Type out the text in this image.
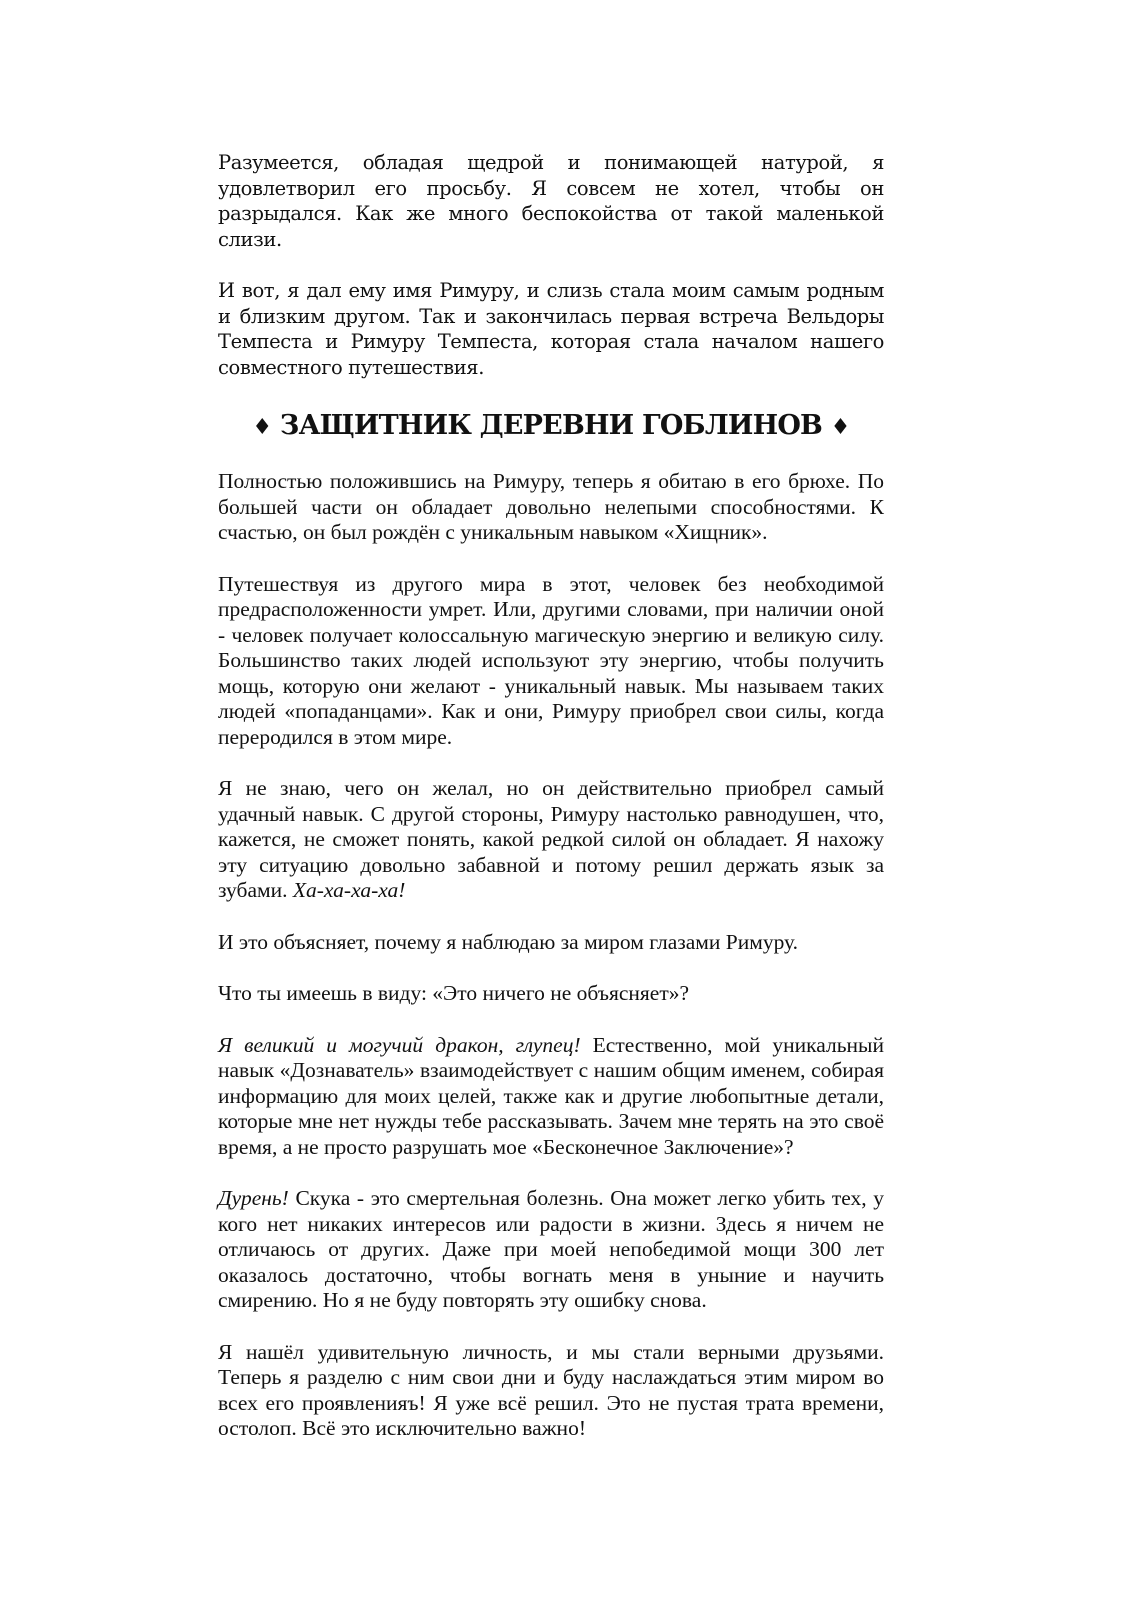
Разумеется, обладая щедрой и понимающей натурой, я удовлетворил его просьбу. Я совсем не хотел, чтобы он разрыдался. Как же много беспокойства от такой маленькой слизи.

И вот, я дал ему имя Римуру, и слизь стала моим самым родным и близким другом. Так и закончилась первая встреча Вельдоры Темпеста и Римуру Темпеста, которая стала началом нашего совместного путешествия.

♦ ЗАЩИТНИК ДЕРЕВНИ ГОБЛИНОВ ♦

Полностью положившись на Римуру, теперь я обитаю в его брюхе. По большей части он обладает довольно нелепыми способностями. К счастью, он был рождён с уникальным навыком «Хищник».

Путешествуя из другого мира в этот, человек без необходимой предрасположенности умрет. Или, другими словами, при наличии оной - человек получает колоссальную магическую энергию и великую силу. Большинство таких людей используют эту энергию, чтобы получить мощь, которую они желают - уникальный навык. Мы называем таких людей «попаданцами». Как и они, Римуру приобрел свои силы, когда переродился в этом мире.

Я не знаю, чего он желал, но он действительно приобрел самый удачный навык. С другой стороны, Римуру настолько равнодушен, что, кажется, не сможет понять, какой редкой силой он обладает. Я нахожу эту ситуацию довольно забавной и потому решил держать язык за зубами. Ха-ха-ха-ха!

И это объясняет, почему я наблюдаю за миром глазами Римуру.

Что ты имеешь в виду: «Это ничего не объясняет»?

Я великий и могучий дракон, глупец! Естественно, мой уникальный навык «Дознаватель» взаимодействует с нашим общим именем, собирая информацию для моих целей, также как и другие любопытные детали, которые мне нет нужды тебе рассказывать. Зачем мне терять на это своё время, а не просто разрушать мое «Бесконечное Заключение»?

Дурень! Скука - это смертельная болезнь. Она может легко убить тех, у кого нет никаких интересов или радости в жизни. Здесь я ничем не отличаюсь от других. Даже при моей непобедимой мощи 300 лет оказалось достаточно, чтобы вогнать меня в уныние и научить смирению. Но я не буду повторять эту ошибку снова.

Я нашёл удивительную личность, и мы стали верными друзьями. Теперь я разделю с ним свои дни и буду наслаждаться этим миром во всех его проявленияъ! Я уже всё решил. Это не пустая трата времени, остолоп. Всё это исключительно важно!
